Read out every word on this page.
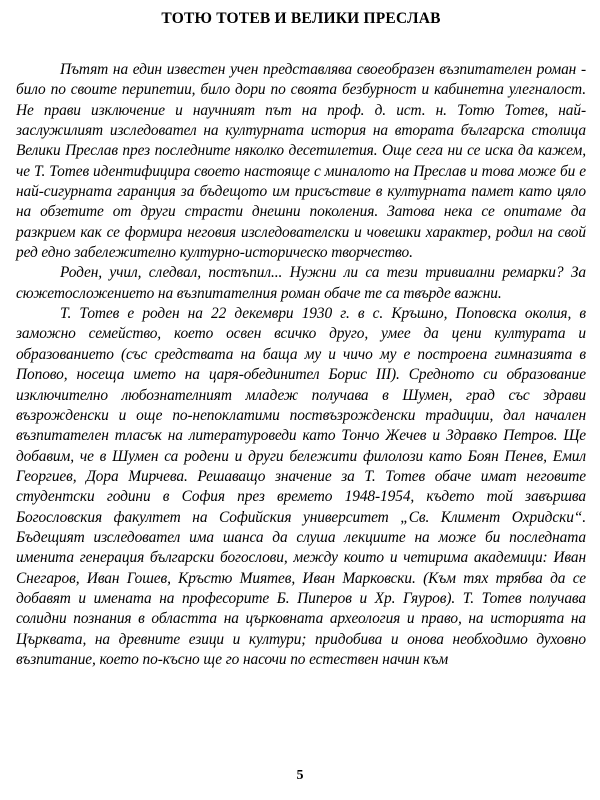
ТОТЮ ТОТЕВ И ВЕЛИКИ ПРЕСЛАВ

Пътят на един известен учен представлява своеобразен възпитателен роман - било по своите перипетии, било дори по своята безбурност и кабинетна улегналост. Не прави изключение и научният път на проф. д. ист. н. Тотю Тотев, най-заслужилият изследовател на културната история на втората българска столица Велики Преслав през последните няколко десетилетия. Още сега ни се иска да кажем, че Т. Тотев идентифицира своето настояще с миналото на Преслав и това може би е най-сигурната гаранция за бъдещото им присъствие в културната памет като цяло на обзетите от други страсти днешни поколения. Затова нека се опитаме да разкрием как се формира неговия изследователски и човешки характер, родил на свой ред едно забележително културно-историческо творчество.

Роден, учил, следвал, постъпил... Нужни ли са тези тривиални ремарки? За сюжетосложението на възпитателния роман обаче те са твърде важни.

Т. Тотев е роден на 22 декември 1930 г. в с. Кръшно, Поповска околия, в заможно семейство, което освен всичко друго, умее да цени културата и образованието (със средствата на баща му и чичо му е построена гимназията в Попово, носеща името на царя-обединител Борис III). Средното си образование изключително любознателният младеж получава в Шумен, град със здрави възрожденски и още по-непоклатими поствъзрожденски традиции, дал начален възпитателен тласък на литературоведи като Тончо Жечев и Здравко Петров. Ще добавим, че в Шумен са родени и други бележити филолози като Боян Пенев, Емил Георгиев, Дора Мирчева. Решаващо значение за Т. Тотев обаче имат неговите студентски години в София през времето 1948-1954, където той завършва Богословския факултет на Софийския университет „Св. Климент Охридски“. Бъдещият изследовател има шанса да слуша лекциите на може би последната именита генерация български богослови, между които и четирима академици: Иван Снегаров, Иван Гошев, Кръстю Миятев, Иван Марковски. (Към тях трябва да се добавят и имената на професорите Б. Пиперов и Хр. Гяуров). Т. Тотев получава солидни познания в областта на църковната археология и право, на историята на Църквата, на древните езици и култури; придобива и онова необходимо духовно възпитание, което по-късно ще го насочи по естествен начин към

5
